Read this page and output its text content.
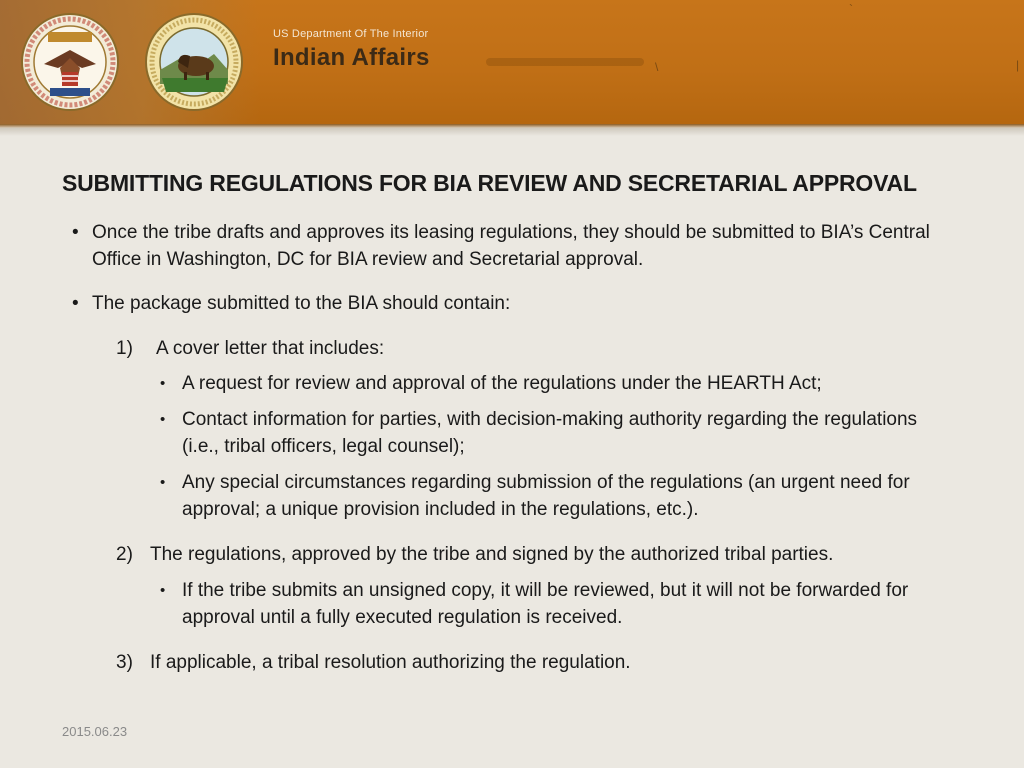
US Department Of The Interior
Indian Affairs
`
\	|
SUBMITTING REGULATIONS FOR BIA REVIEW AND SECRETARIAL APPROVAL
• Once the tribe drafts and approves its leasing regulations, they should be submitted to BIA’s Central Office in Washington, DC for BIA review and Secretarial approval.
• The package submitted to the BIA should contain:
1) A cover letter that includes:
• A request for review and approval of the regulations under the HEARTH Act;
• Contact information for parties, with decision-making authority regarding the regulations (i.e., tribal officers, legal counsel);
• Any special circumstances regarding submission of the regulations (an urgent need for approval; a unique provision included in the regulations, etc.).
2) The regulations, approved by the tribe and signed by the authorized tribal parties.
• If the tribe submits an unsigned copy, it will be reviewed, but it will not be forwarded for approval until a fully executed regulation is received.
3) If applicable, a tribal resolution authorizing the regulation.
2015.06.23
